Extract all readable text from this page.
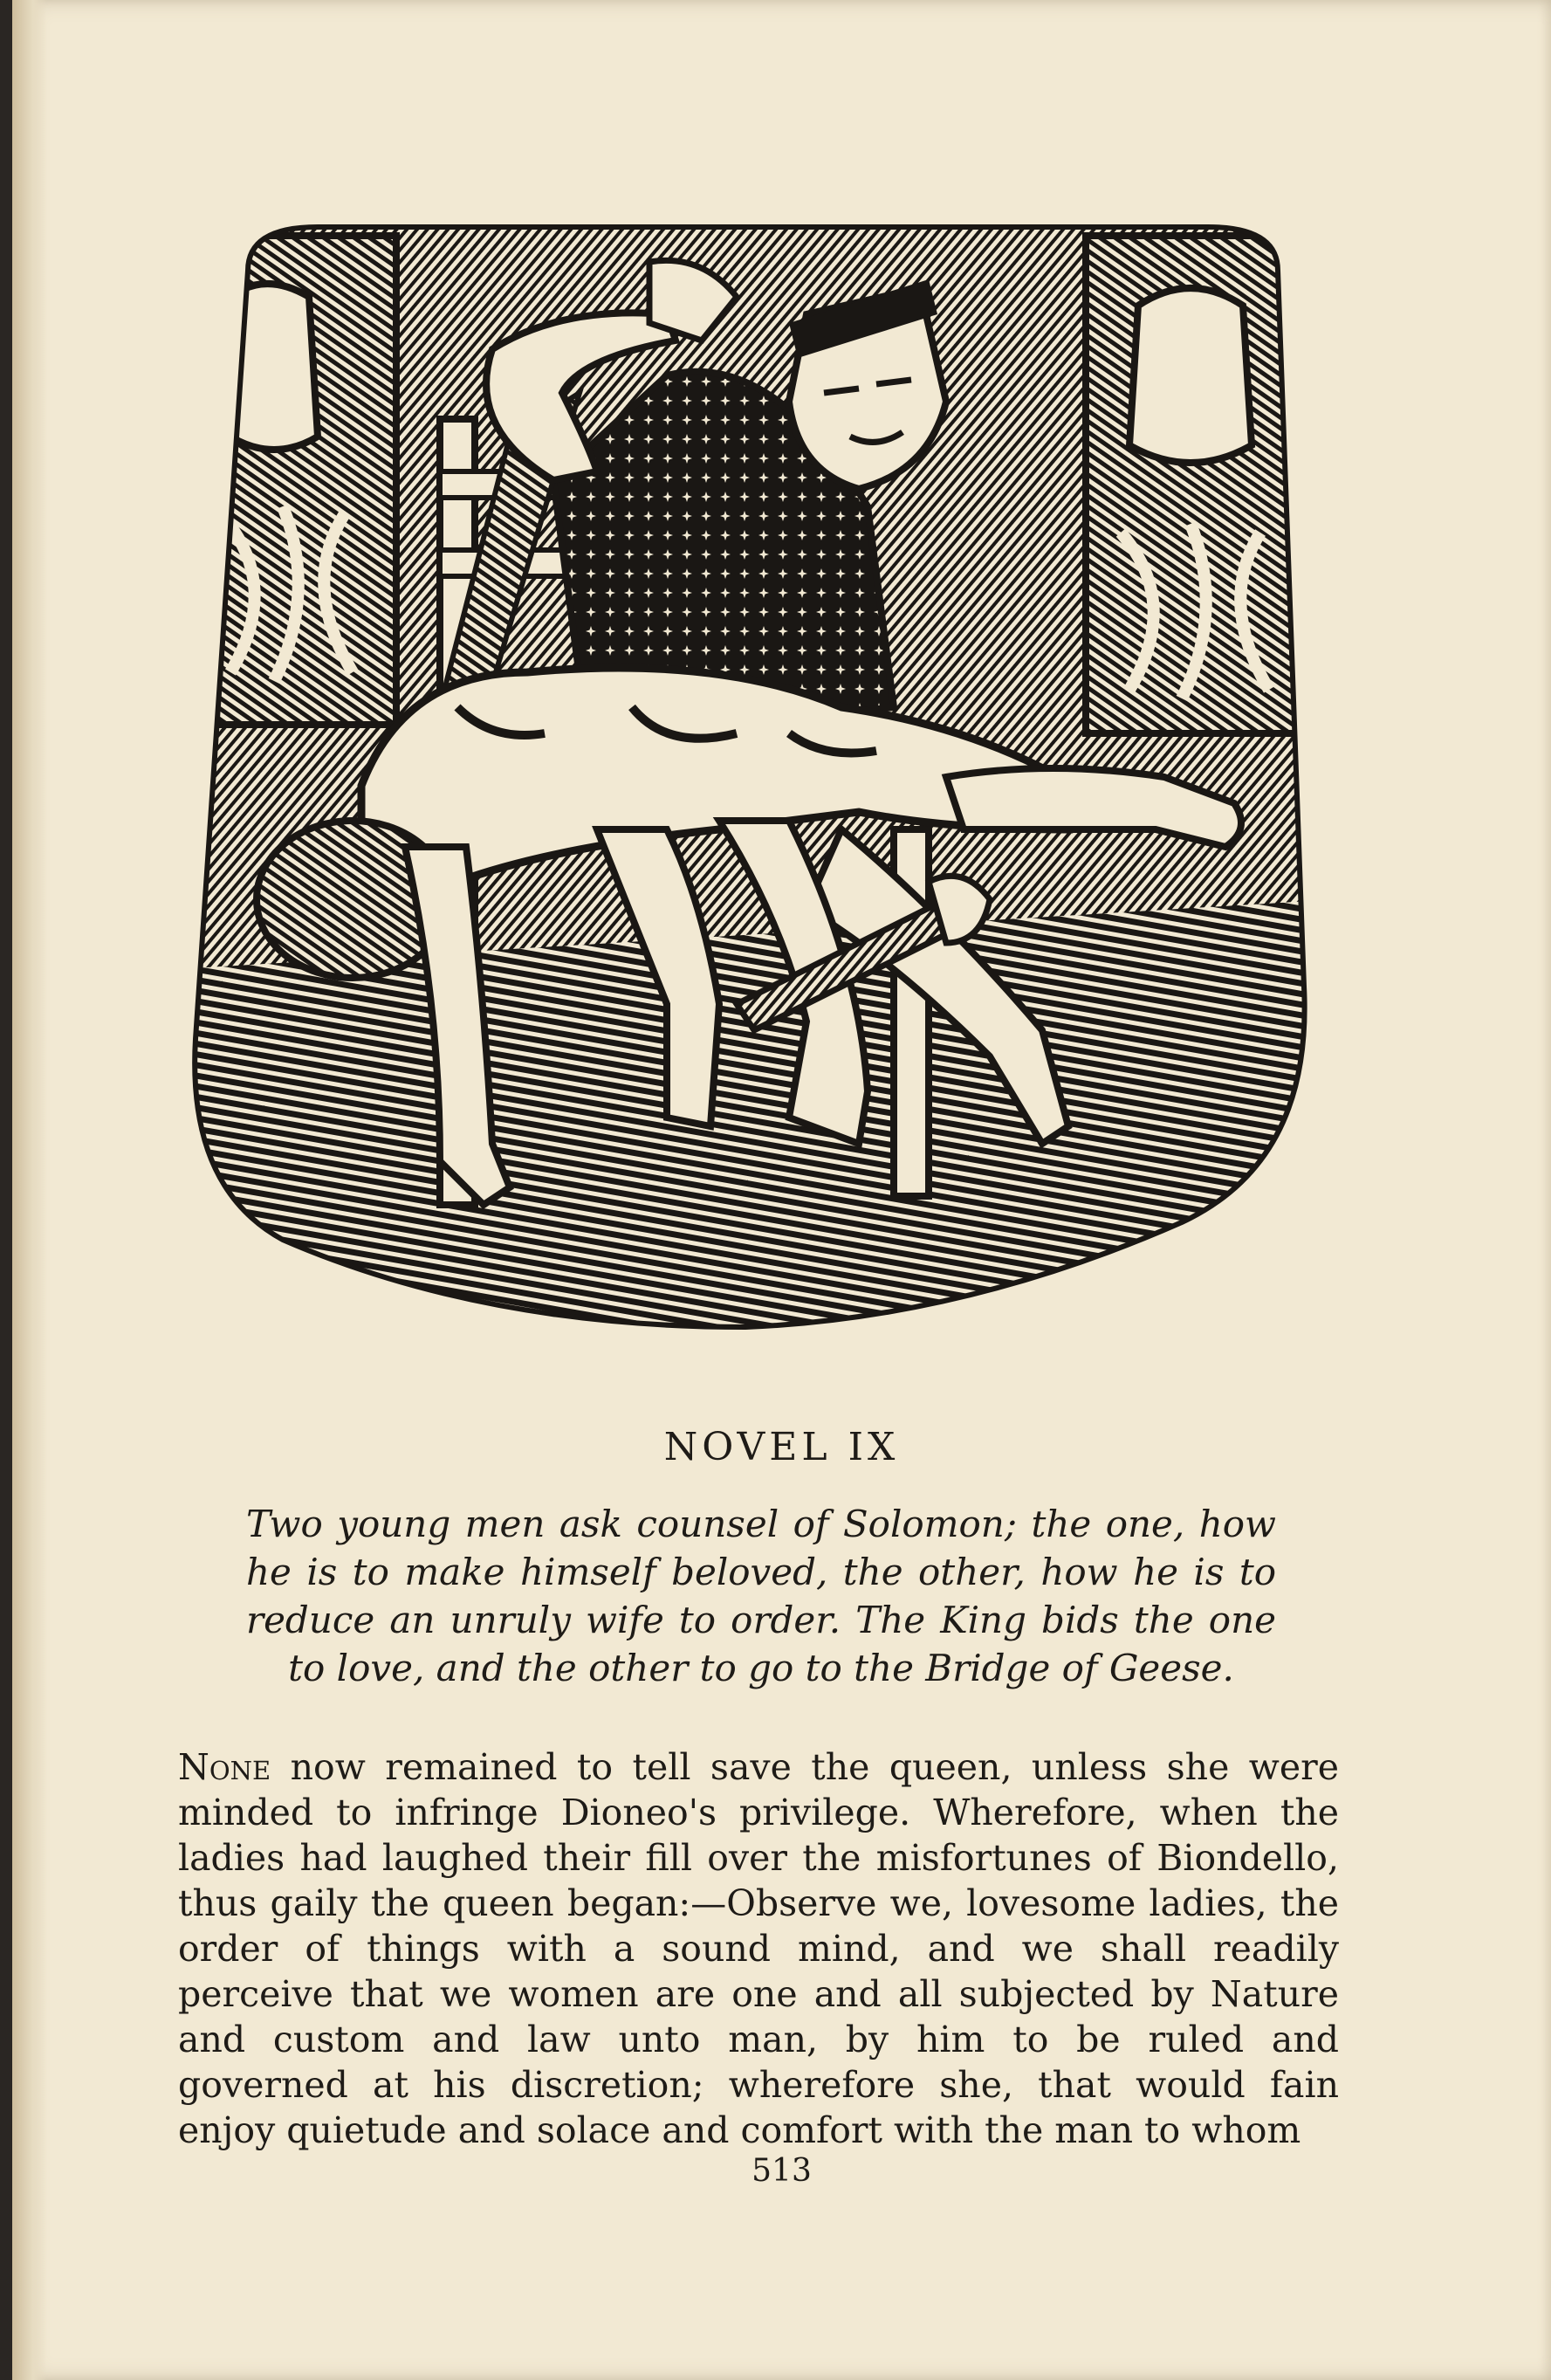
NOVEL IX
Two young men ask counsel of Solomon; the one, how he is to make himself beloved, the other, how he is to reduce an unruly wife to order. The King bids the one to love, and the other to go to the Bridge of Geese.
None now remained to tell save the queen, unless she were minded to infringe Dioneo's privilege. Wherefore, when the ladies had laughed their fill over the misfortunes of Biondello, thus gaily the queen began:—Observe we, lovesome ladies, the order of things with a sound mind, and we shall readily perceive that we women are one and all subjected by Nature and custom and law unto man, by him to be ruled and governed at his discretion; wherefore she, that would fain enjoy quietude and solace and comfort with the man to whom
513
